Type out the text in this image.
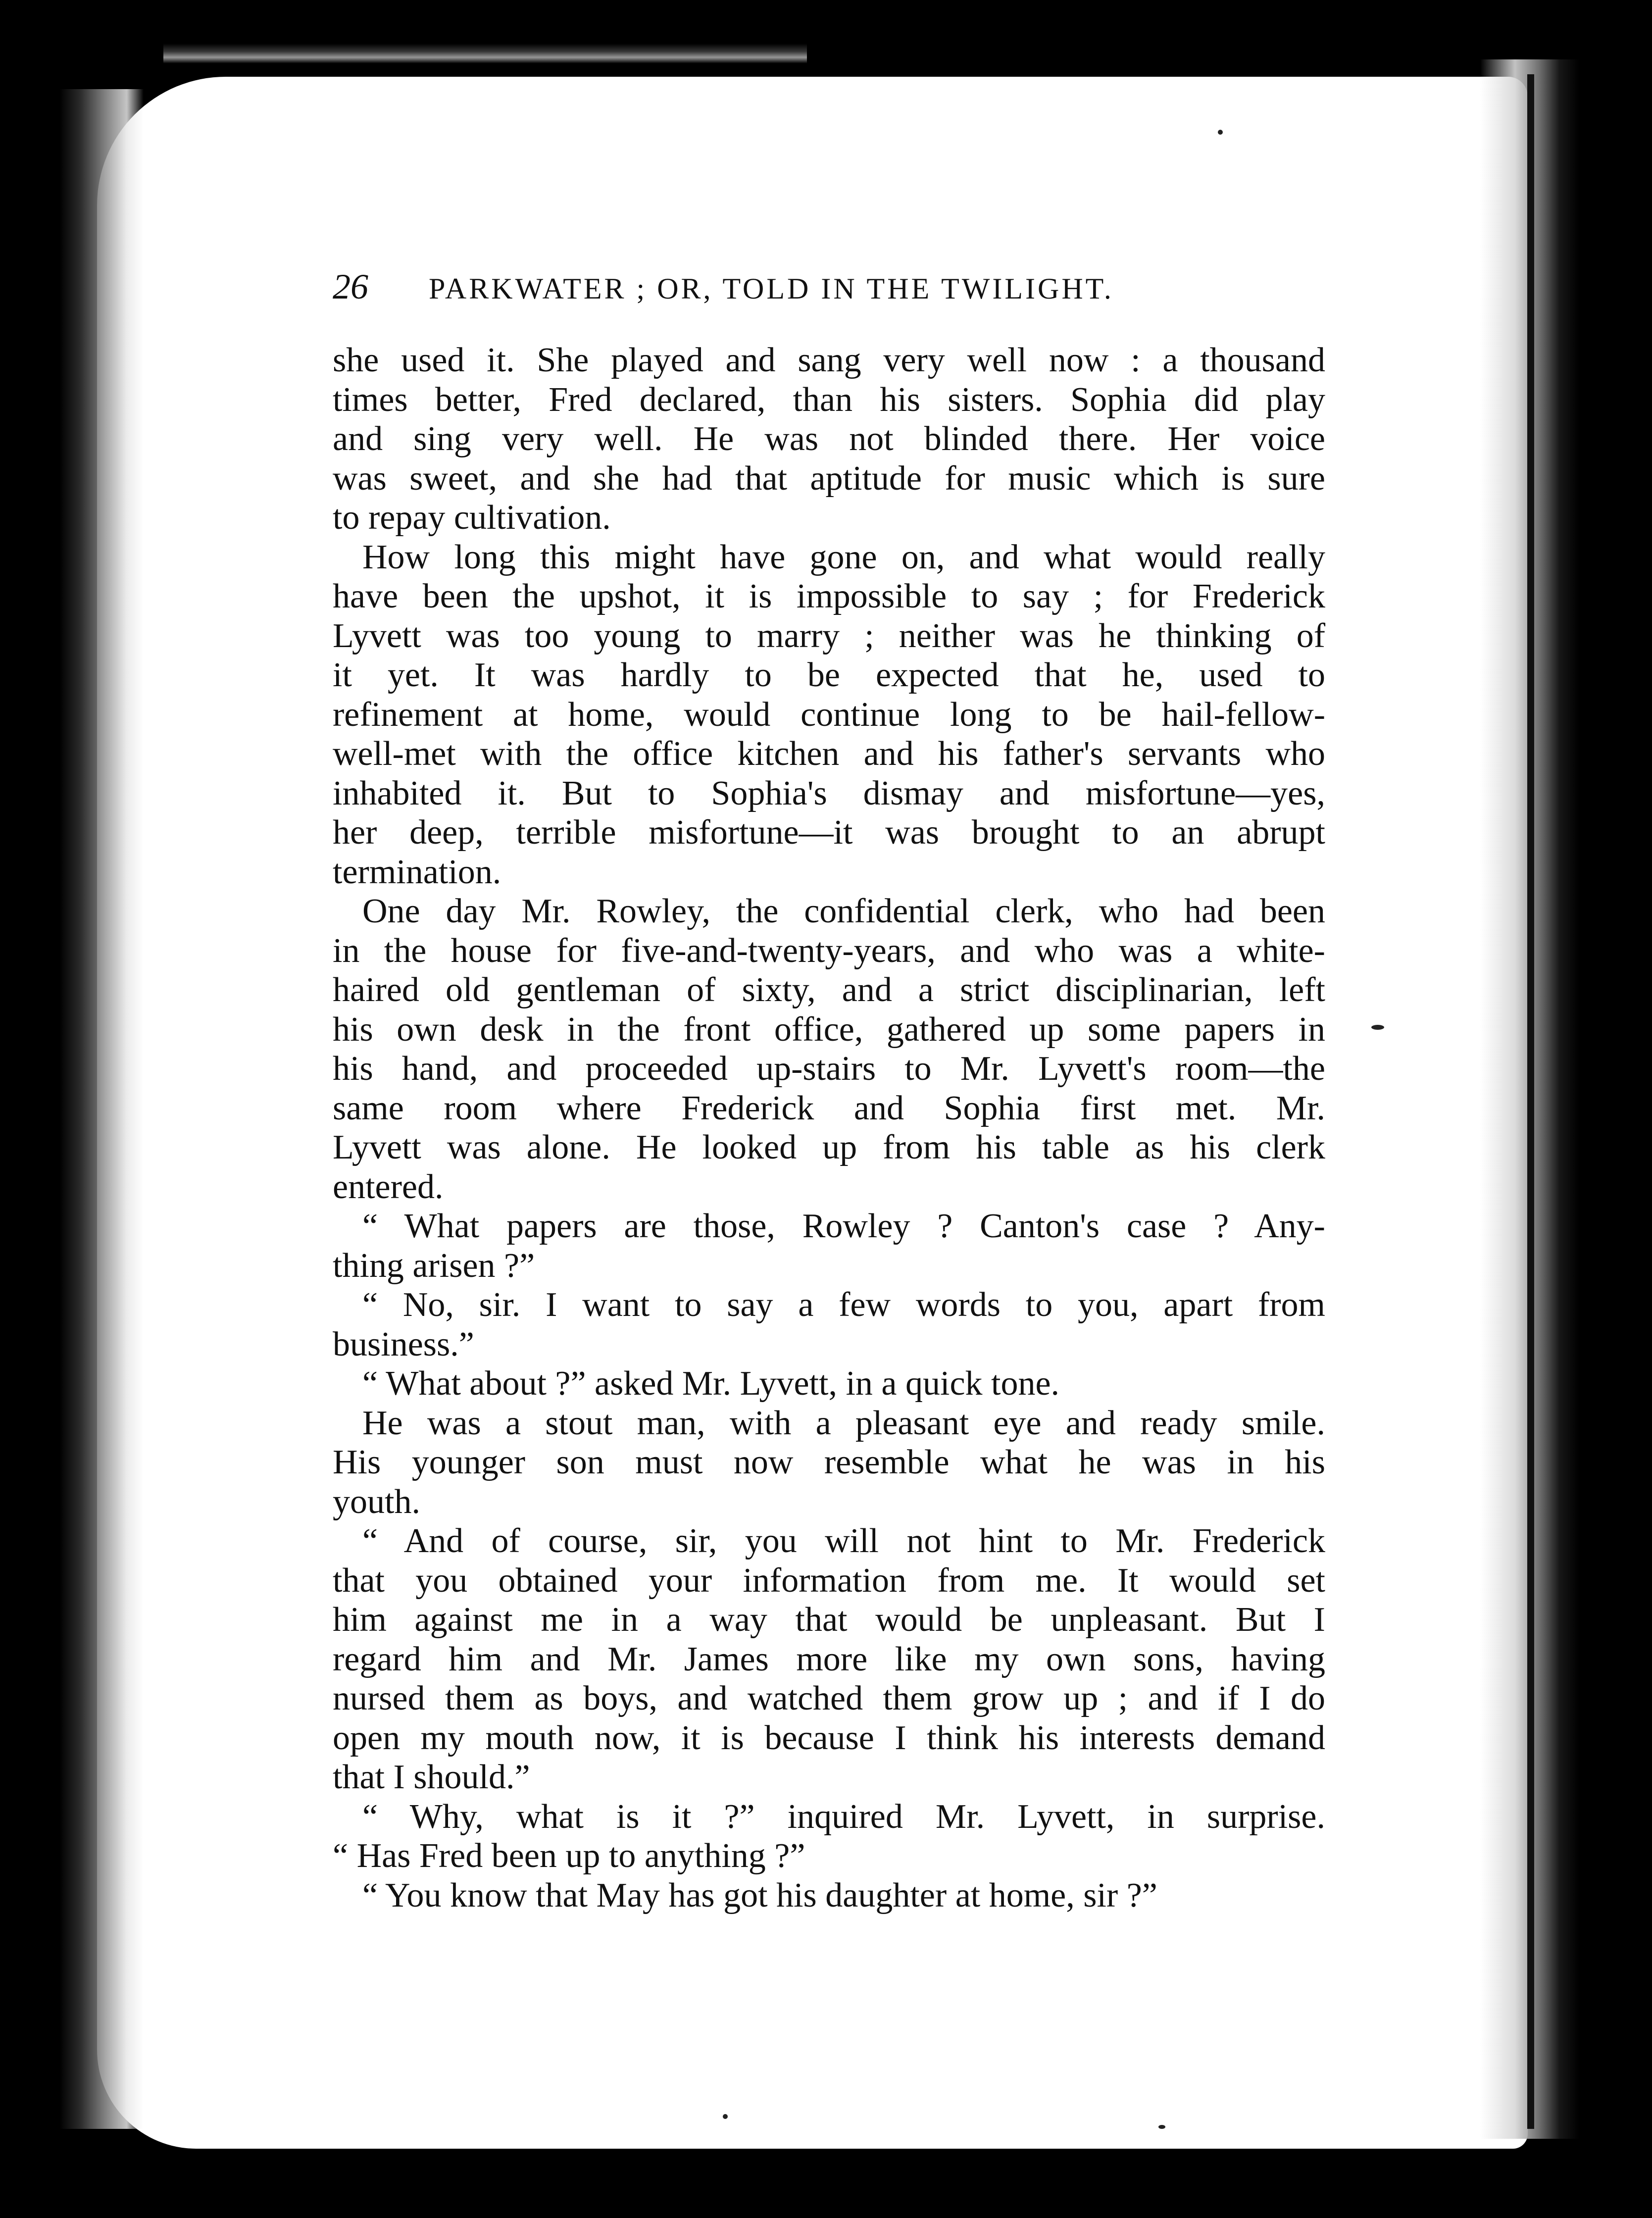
26 PARKWATER ; OR, TOLD IN THE TWILIGHT.
she used it. She played and sang very well now : a thousand
times better, Fred declared, than his sisters. Sophia did play
and sing very well. He was not blinded there. Her voice
was sweet, and she had that aptitude for music which is sure
to repay cultivation.
How long this might have gone on, and what would really
have been the upshot, it is impossible to say ; for Frederick
Lyvett was too young to marry ; neither was he thinking of
it yet. It was hardly to be expected that he, used to
refinement at home, would continue long to be hail-fellow-
well-met with the office kitchen and his father's servants who
inhabited it. But to Sophia's dismay and misfortune—yes,
her deep, terrible misfortune—it was brought to an abrupt
termination.
One day Mr. Rowley, the confidential clerk, who had been
in the house for five-and-twenty-years, and who was a white-
haired old gentleman of sixty, and a strict disciplinarian, left
his own desk in the front office, gathered up some papers in
his hand, and proceeded up-stairs to Mr. Lyvett's room—the
same room where Frederick and Sophia first met. Mr.
Lyvett was alone. He looked up from his table as his clerk
entered.
“ What papers are those, Rowley ? Canton's case ? Any-
thing arisen ?”
“ No, sir. I want to say a few words to you, apart from
business.”
“ What about ?” asked Mr. Lyvett, in a quick tone.
He was a stout man, with a pleasant eye and ready smile.
His younger son must now resemble what he was in his
youth.
“ And of course, sir, you will not hint to Mr. Frederick
that you obtained your information from me. It would set
him against me in a way that would be unpleasant. But I
regard him and Mr. James more like my own sons, having
nursed them as boys, and watched them grow up ; and if I do
open my mouth now, it is because I think his interests demand
that I should.”
“ Why, what is it ?” inquired Mr. Lyvett, in surprise.
“ Has Fred been up to anything ?”
“ You know that May has got his daughter at home, sir ?”
